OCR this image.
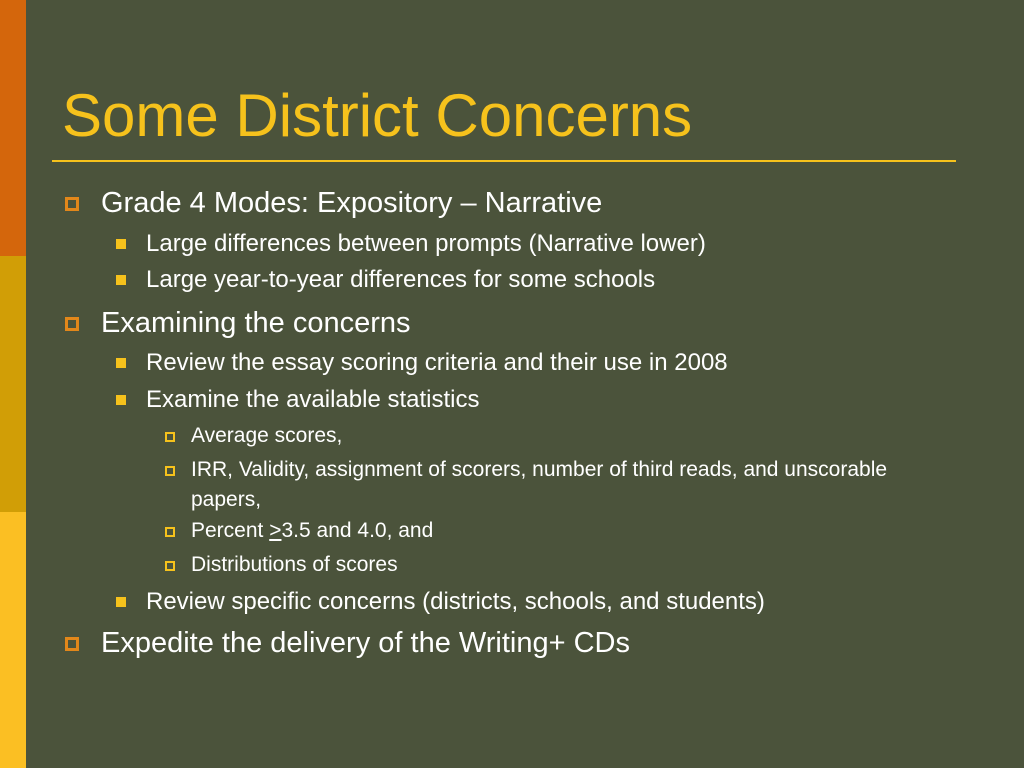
Some District Concerns
Grade 4 Modes: Expository – Narrative
Large differences between prompts (Narrative lower)
Large year-to-year differences for some schools
Examining the concerns
Review the essay scoring criteria and their use in 2008
Examine the available statistics
Average scores,
IRR, Validity, assignment of scorers, number of third reads, and unscorable papers,
Percent >3.5 and 4.0, and
Distributions of scores
Review specific concerns (districts, schools, and students)
Expedite the delivery of the Writing+ CDs
